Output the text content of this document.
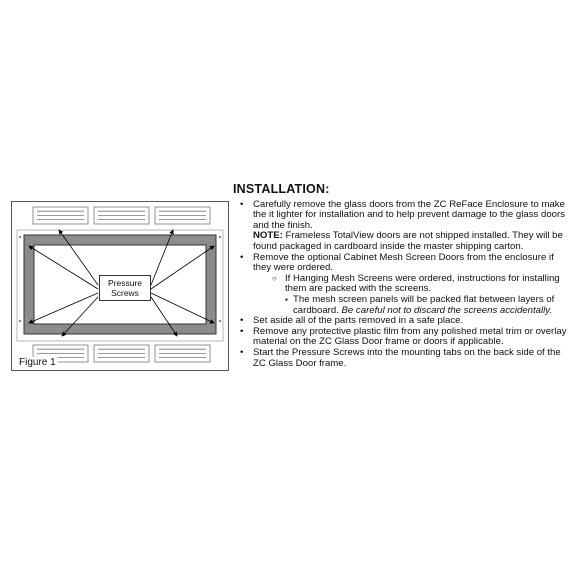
Pressure
Screws
Figure 1
INSTALLATION:
• Carefully remove the glass doors from the ZC ReFace Enclosure to make the it lighter for installation and to help prevent damage to the glass doors and the finish.
NOTE: Frameless TotalView doors are not shipped installed. They will be found packaged in cardboard inside the master shipping carton.
• Remove the optional Cabinet Mesh Screen Doors from the enclosure if they were ordered.
○ If Hanging Mesh Screens were ordered, instructions for installing them are packed with the screens.
▪ The mesh screen panels will be packed flat between layers of cardboard. Be careful not to discard the screens accidentally.
• Set aside all of the parts removed in a safe place.
• Remove any protective plastic film from any polished metal trim or overlay material on the ZC Glass Door frame or doors if applicable.
• Start the Pressure Screws into the mounting tabs on the back side of the ZC Glass Door frame.
